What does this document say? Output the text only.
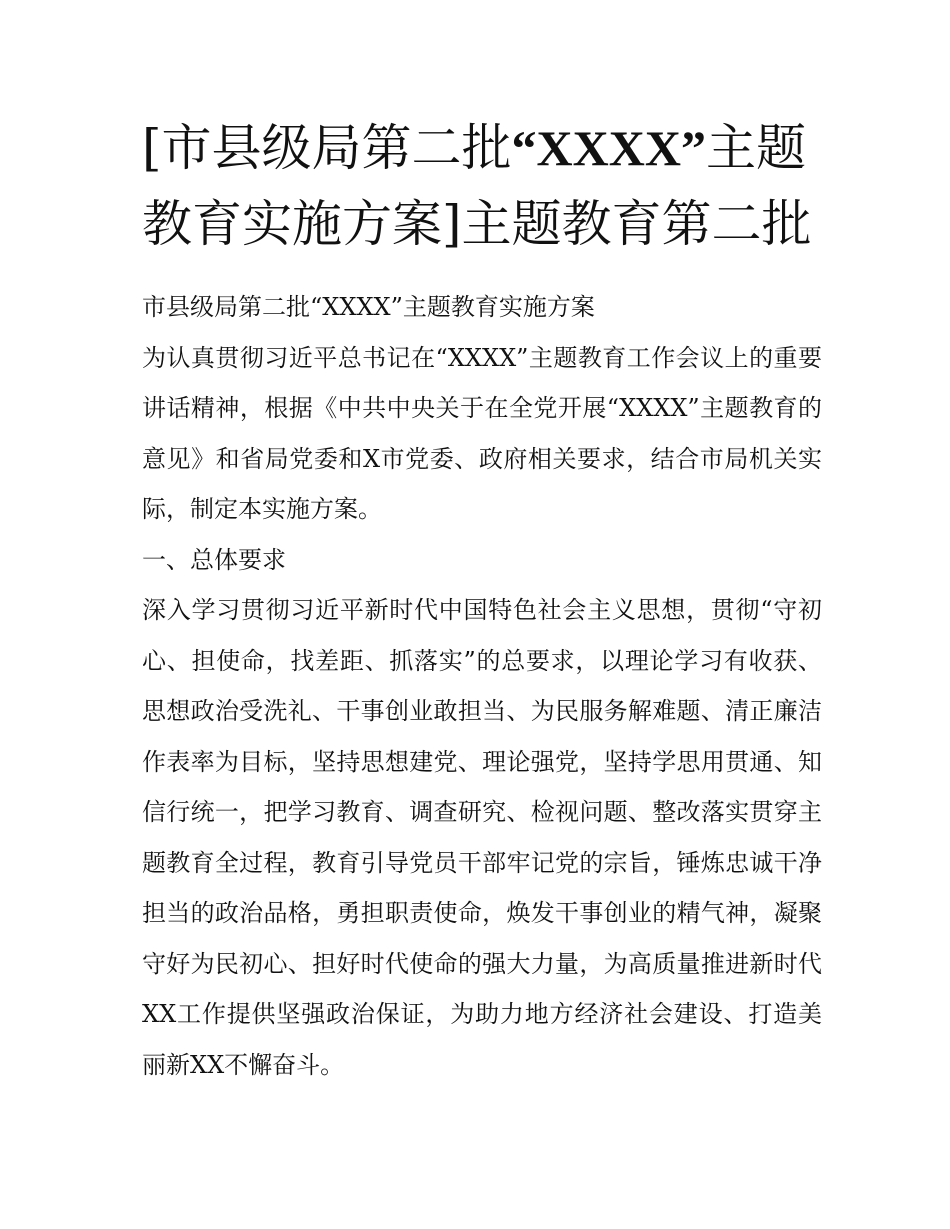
[市县级局第二批“XXXX”主题
教育实施方案]主题教育第二批

市县级局第二批“XXXX”主题教育实施方案

为认真贯彻习近平总书记在“XXXX”主题教育工作会议上的重要讲话精神，根据《中共中央关于在全党开展“XXXX”主题教育的意见》和省局党委和X市党委、政府相关要求，结合市局机关实际，制定本实施方案。

一、总体要求

深入学习贯彻习近平新时代中国特色社会主义思想，贯彻“守初心、担使命，找差距、抓落实”的总要求，以理论学习有收获、思想政治受洗礼、干事创业敢担当、为民服务解难题、清正廉洁作表率为目标，坚持思想建党、理论强党，坚持学思用贯通、知信行统一，把学习教育、调查研究、检视问题、整改落实贯穿主题教育全过程，教育引导党员干部牢记党的宗旨，锤炼忠诚干净担当的政治品格，勇担职责使命，焕发干事创业的精气神，凝聚守好为民初心、担好时代使命的强大力量，为高质量推进新时代XX工作提供坚强政治保证，为助力地方经济社会建设、打造美丽新XX不懈奋斗。
